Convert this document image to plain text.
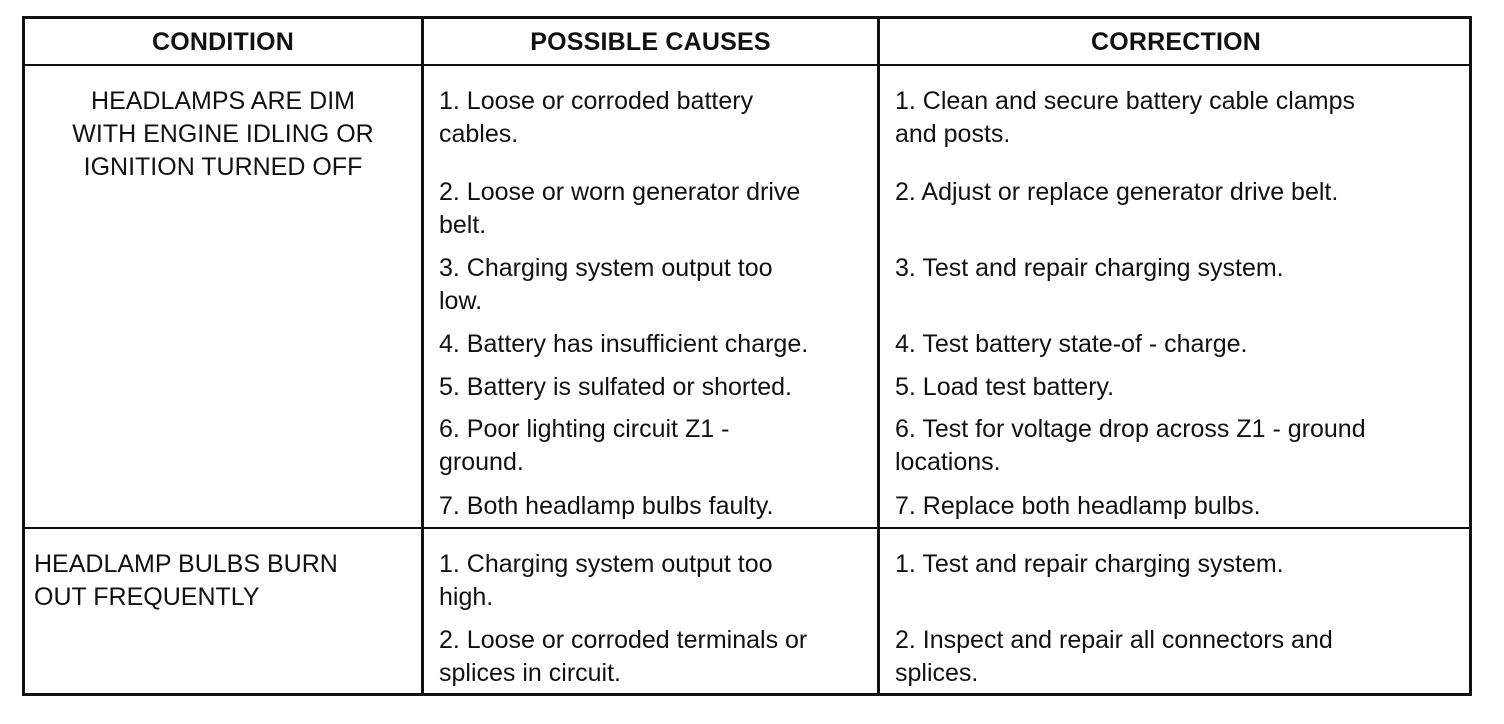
CONDITION	POSSIBLE CAUSES	CORRECTION
HEADLAMPS ARE DIM
WITH ENGINE IDLING OR
IGNITION TURNED OFF
1. Loose or corroded battery
cables.
2. Loose or worn generator drive
belt.
3. Charging system output too
low.
4. Battery has insufficient charge.
5. Battery is sulfated or shorted.
6. Poor lighting circuit Z1 -
ground.
7. Both headlamp bulbs faulty.
1. Clean and secure battery cable clamps
and posts.
2. Adjust or replace generator drive belt.
3. Test and repair charging system.
4. Test battery state-of - charge.
5. Load test battery.
6. Test for voltage drop across Z1 - ground
locations.
7. Replace both headlamp bulbs.
HEADLAMP BULBS BURN
OUT FREQUENTLY
1. Charging system output too
high.
2. Loose or corroded terminals or
splices in circuit.
1. Test and repair charging system.
2. Inspect and repair all connectors and
splices.
